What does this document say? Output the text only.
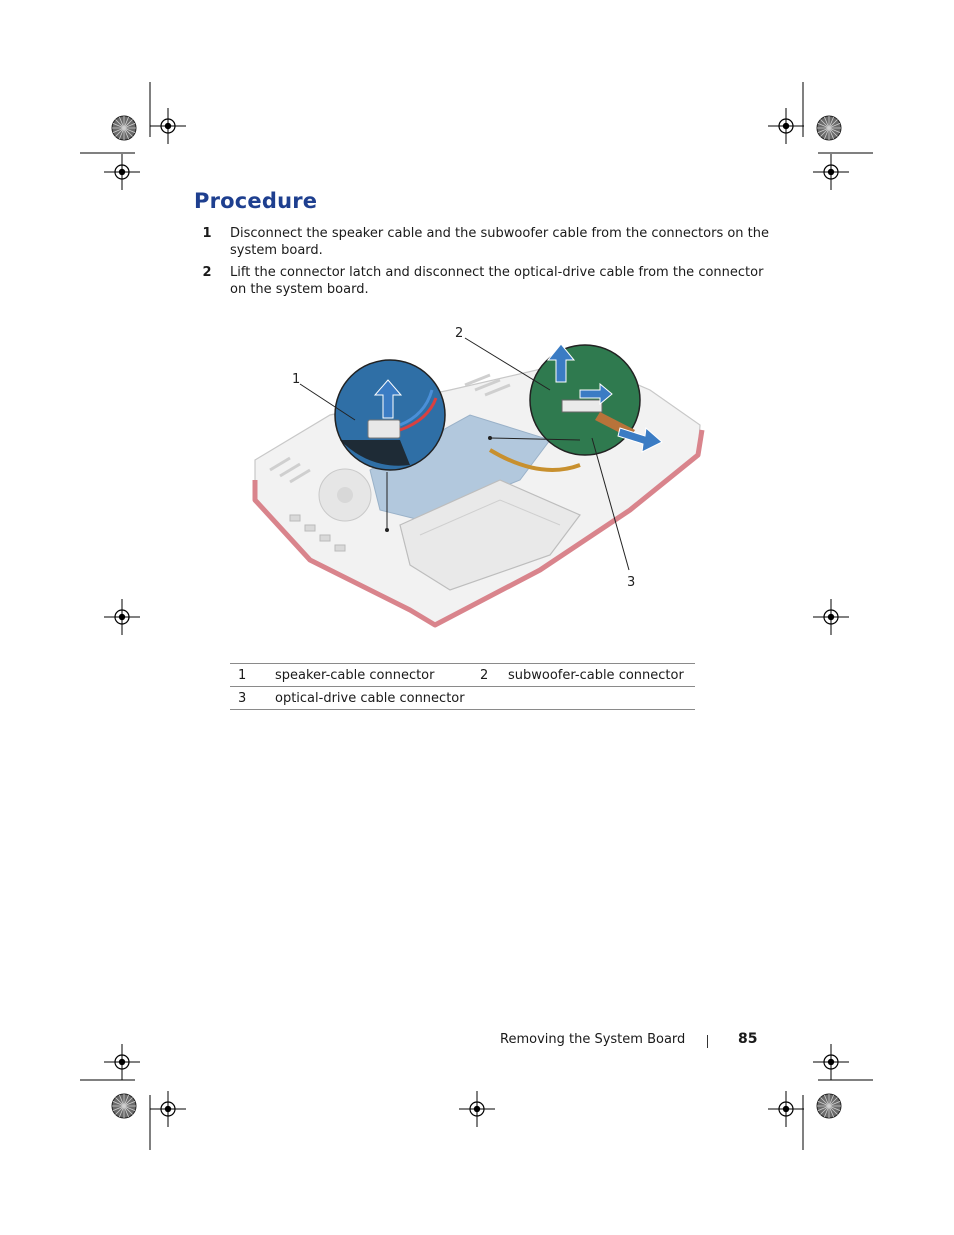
Procedure
1 Disconnect the speaker cable and the subwoofer cable from the connectors on the system board.
2 Lift the connector latch and disconnect the optical-drive cable from the connector on the system board.
1
2
3
1	speaker-cable connector	2	subwoofer-cable connector
3	optical-drive cable connector		
Removing the System Board	85
